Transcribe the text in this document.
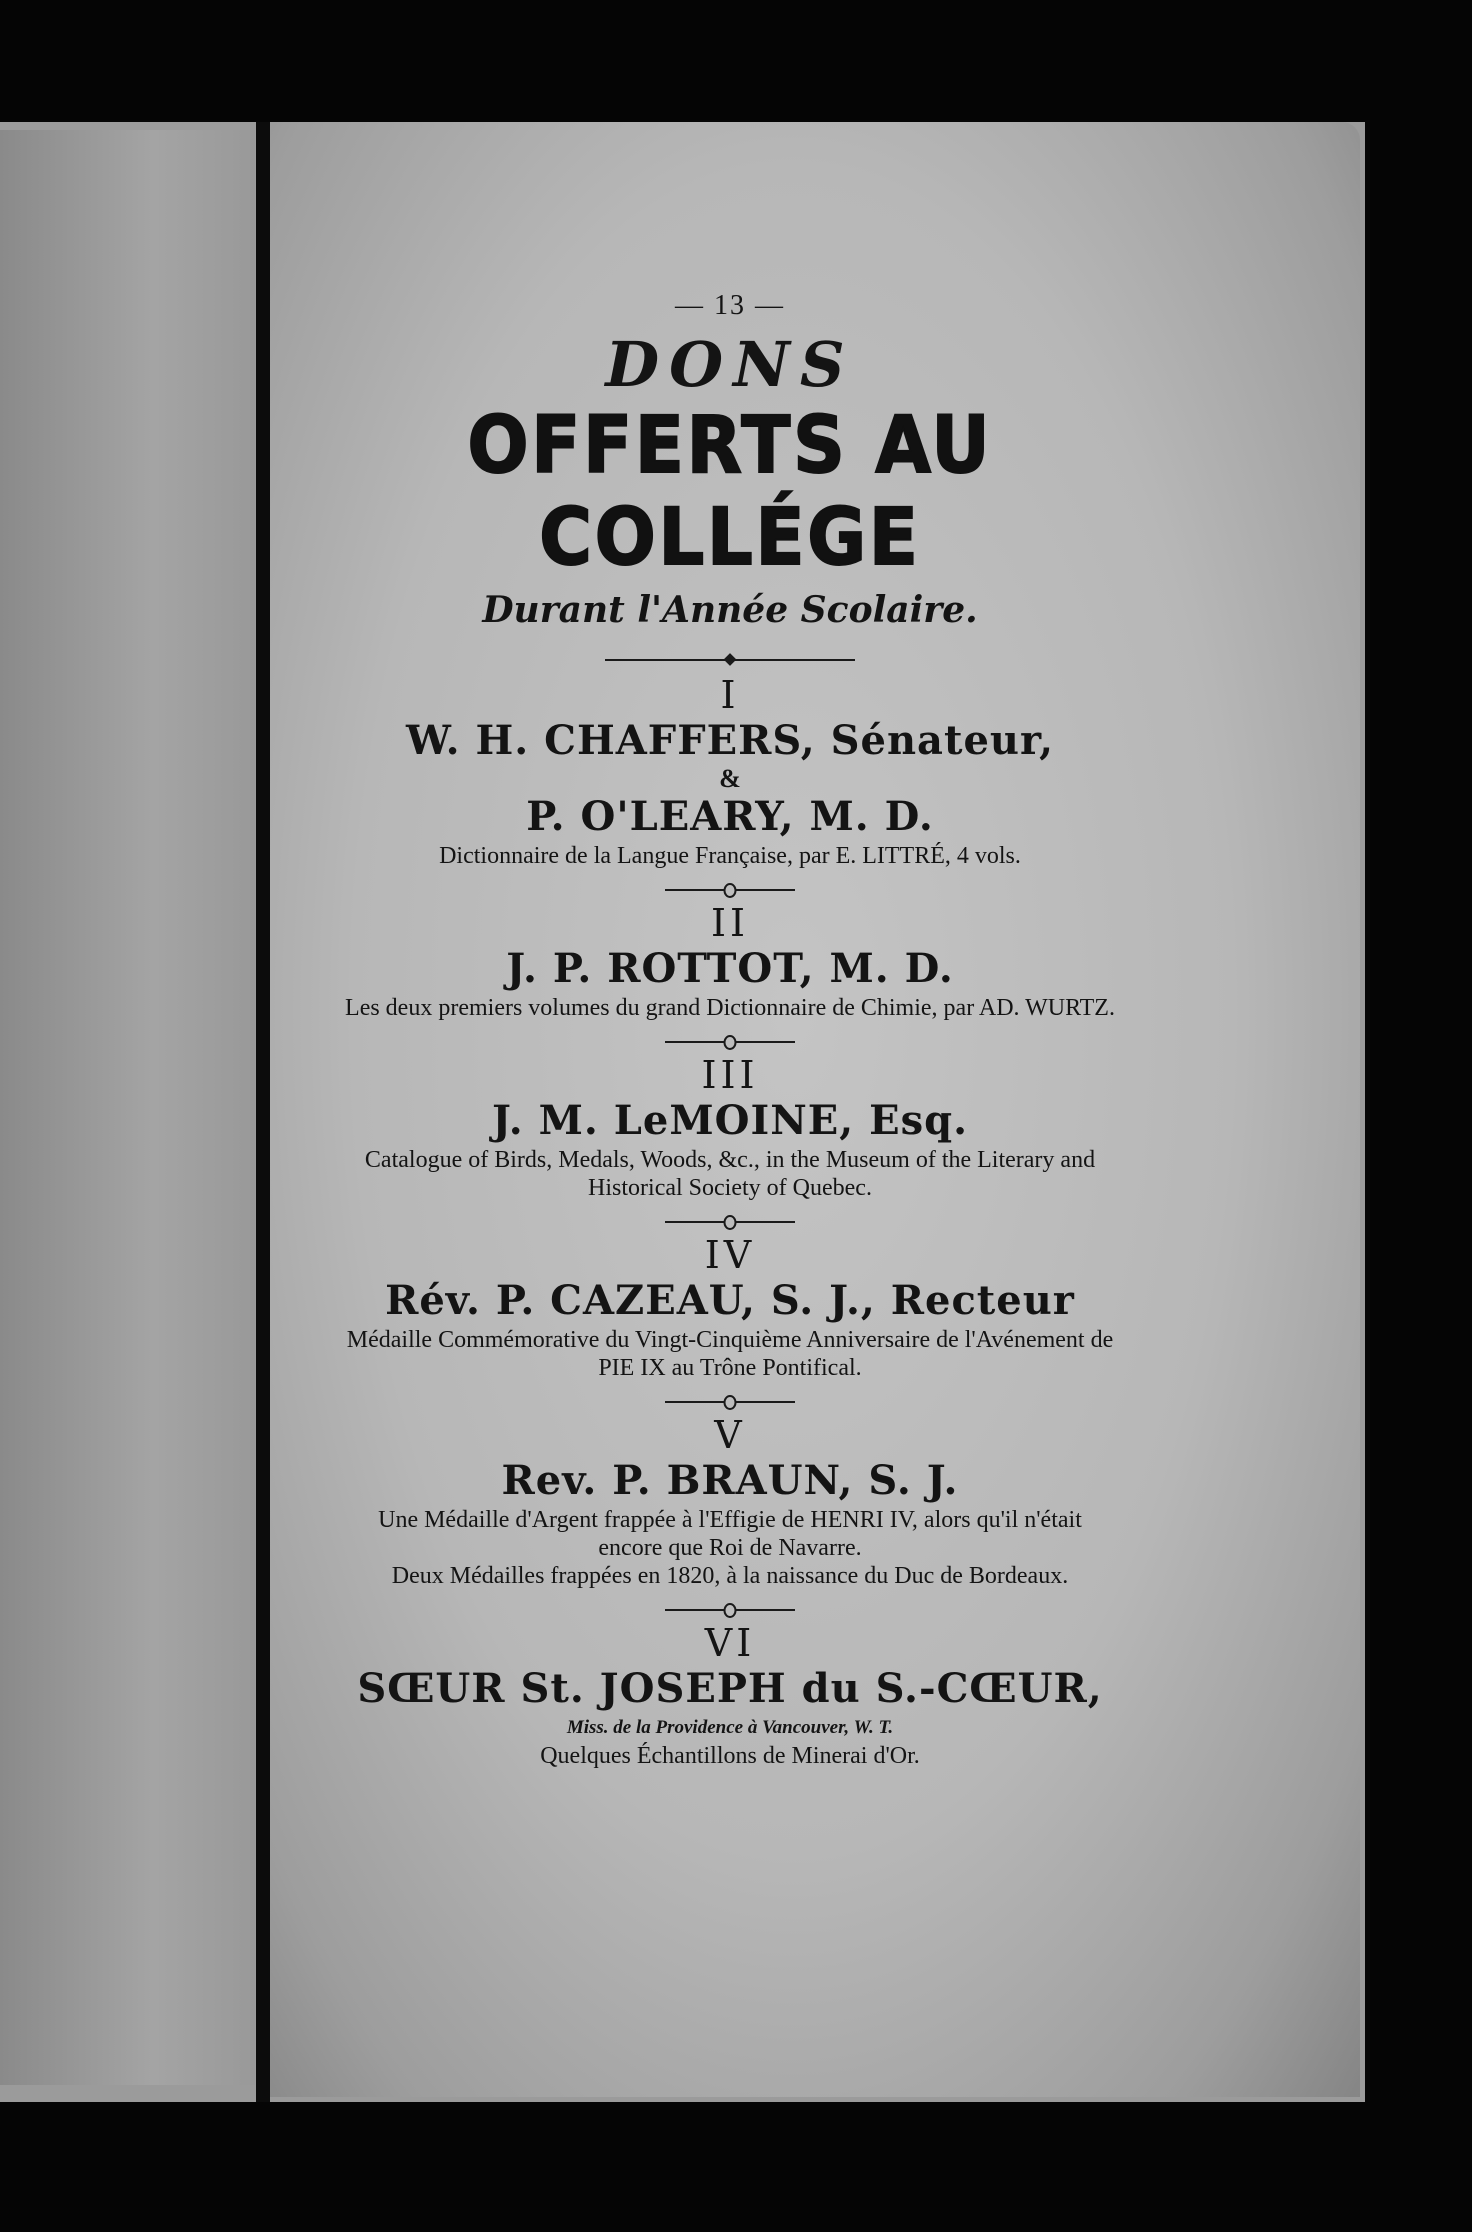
— 13 —
DONS
OFFERTS AU COLLÉGE
Durant l'Année Scolaire.
I
W. H. CHAFFERS, Sénateur,
&
P. O'LEARY, M. D.
Dictionnaire de la Langue Française, par E. LITTRÉ, 4 vols.
II
J. P. ROTTOT, M. D.
Les deux premiers volumes du grand Dictionnaire de Chimie, par AD. WURTZ.
III
J. M. LeMOINE, Esq.
Catalogue of Birds, Medals, Woods, &c., in the Museum of the Literary and
Historical Society of Quebec.
IV
Rév. P. CAZEAU, S. J., Recteur
Médaille Commémorative du Vingt-Cinquième Anniversaire de l'Avénement de
PIE IX au Trône Pontifical.
V
Rev. P. BRAUN, S. J.
Une Médaille d'Argent frappée à l'Effigie de HENRI IV, alors qu'il n'était
encore que Roi de Navarre.
Deux Médailles frappées en 1820, à la naissance du Duc de Bordeaux.
VI
SŒUR St. JOSEPH du S.-CŒUR,
Miss. de la Providence à Vancouver, W. T.
Quelques Échantillons de Minerai d'Or.
